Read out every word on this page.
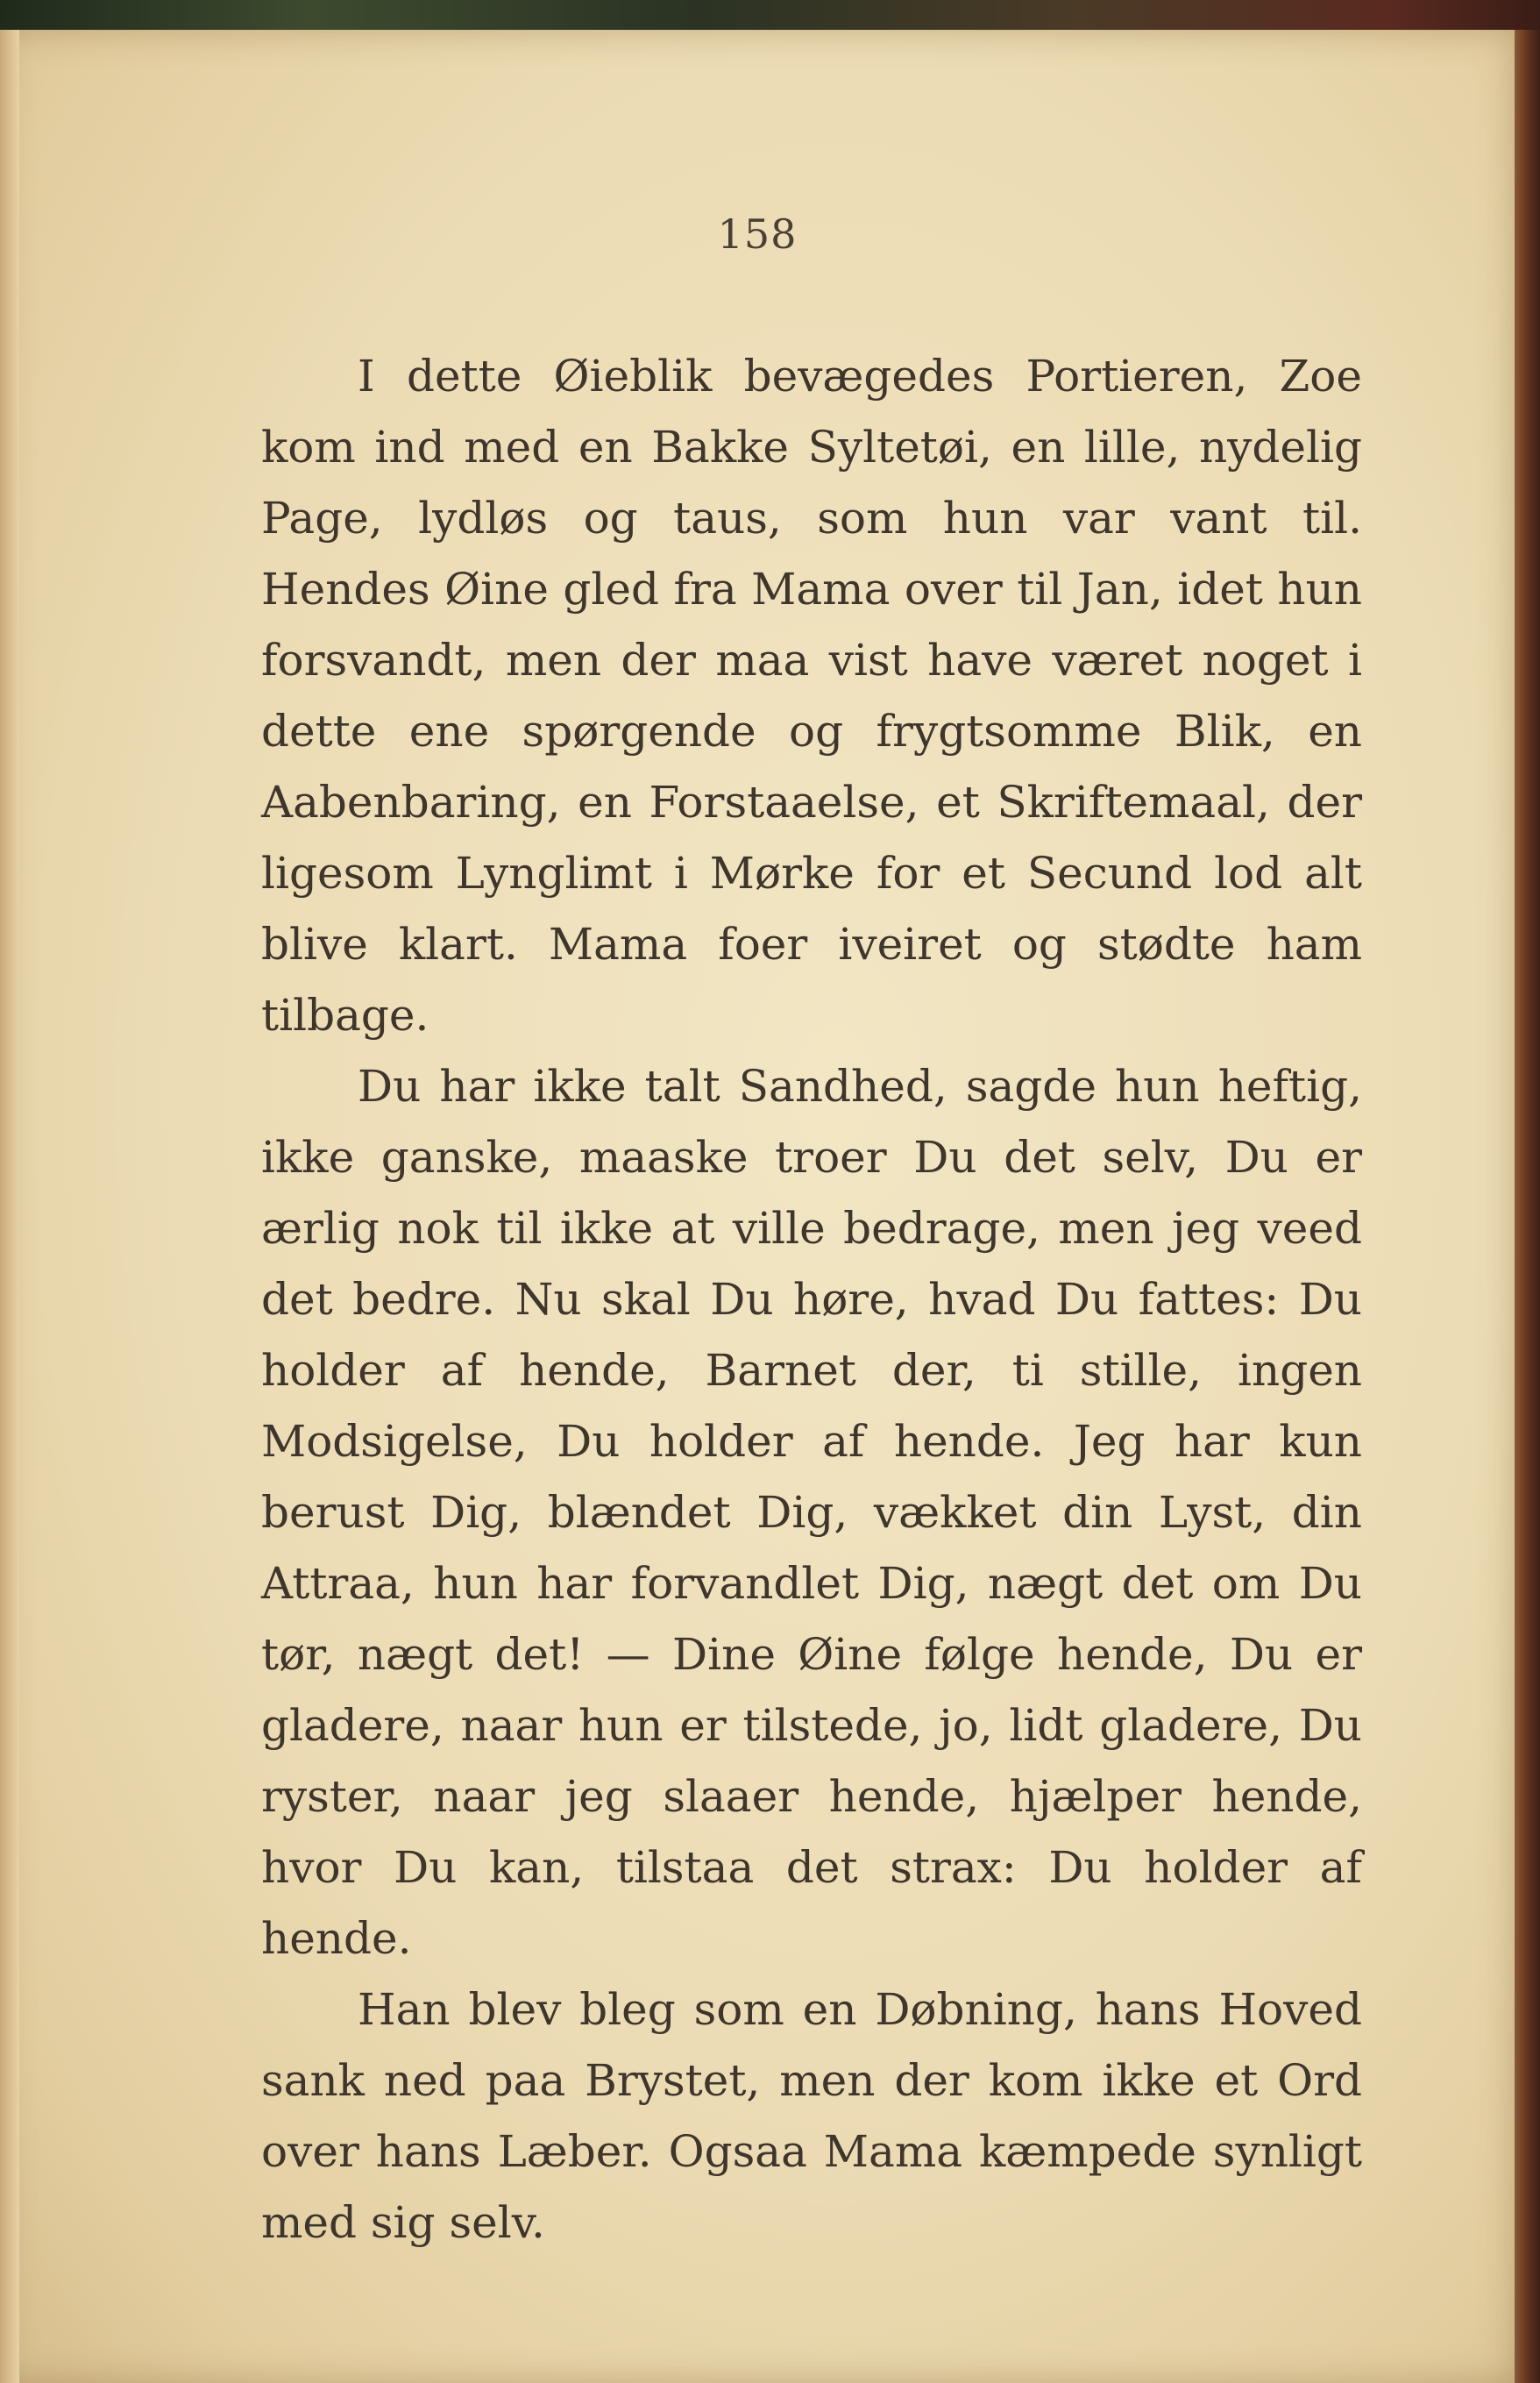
158

I dette Øieblik bevægedes Portieren, Zoe kom ind med en Bakke Syltetøi, en lille, nydelig Page, lydløs og taus, som hun var vant til. Hendes Øine gled fra Mama over til Jan, idet hun forsvandt, men der maa vist have været noget i dette ene spørgende og frygtsomme Blik, en Aabenbaring, en Forstaaelse, et Skriftemaal, der ligesom Lynglimt i Mørke for et Secund lod alt blive klart. Mama foer iveiret og stødte ham tilbage.

Du har ikke talt Sandhed, sagde hun heftig, ikke ganske, maaske troer Du det selv, Du er ærlig nok til ikke at ville bedrage, men jeg veed det bedre. Nu skal Du høre, hvad Du fattes: Du holder af hende, Barnet der, ti stille, ingen Modsigelse, Du holder af hende. Jeg har kun berust Dig, blændet Dig, vækket din Lyst, din Attraa, hun har forvandlet Dig, nægt det om Du tør, nægt det! — Dine Øine følge hende, Du er gladere, naar hun er tilstede, jo, lidt gladere, Du ryster, naar jeg slaaer hende, hjælper hende, hvor Du kan, tilstaa det strax: Du holder af hende.

Han blev bleg som en Døbning, hans Hoved sank ned paa Brystet, men der kom ikke et Ord over hans Læber. Ogsaa Mama kæmpede synligt med sig selv.
